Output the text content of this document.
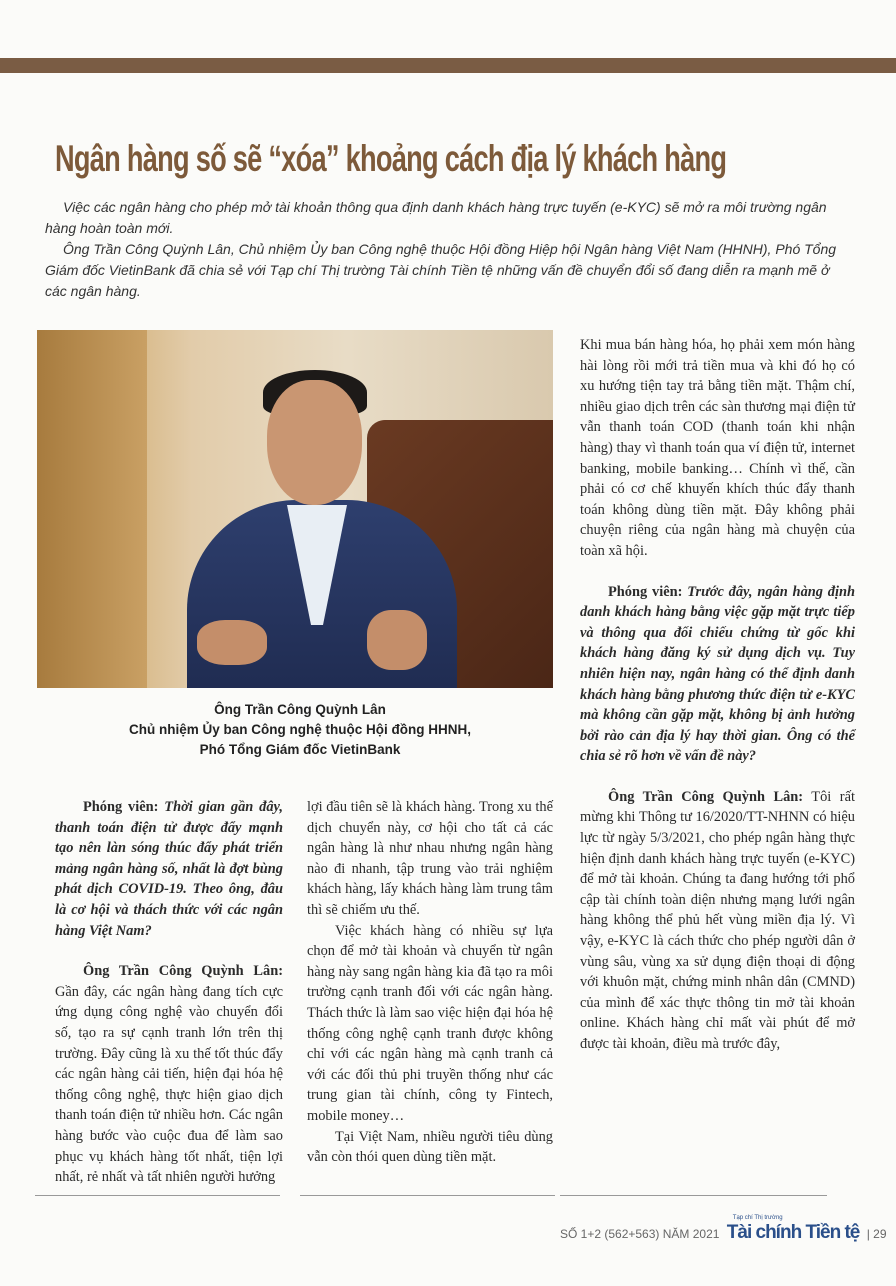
Ngân hàng số sẽ “xóa” khoảng cách địa lý khách hàng

Việc các ngân hàng cho phép mở tài khoản thông qua định danh khách hàng trực tuyến (e-KYC) sẽ mở ra môi trường ngân hàng hoàn toàn mới.

Ông Trần Công Quỳnh Lân, Chủ nhiệm Ủy ban Công nghệ thuộc Hội đồng Hiệp hội Ngân hàng Việt Nam (HHNH), Phó Tổng Giám đốc VietinBank đã chia sẻ với Tạp chí Thị trường Tài chính Tiền tệ những vấn đề chuyển đổi số đang diễn ra mạnh mẽ ở các ngân hàng.

Ông Trần Công Quỳnh Lân
Chủ nhiệm Ủy ban Công nghệ thuộc Hội đồng HHNH,
Phó Tổng Giám đốc VietinBank

Phóng viên: Thời gian gần đây, thanh toán điện tử được đẩy mạnh tạo nên làn sóng thúc đẩy phát triển mảng ngân hàng số, nhất là đợt bùng phát dịch COVID-19. Theo ông, đâu là cơ hội và thách thức với các ngân hàng Việt Nam?

Ông Trần Công Quỳnh Lân: Gần đây, các ngân hàng đang tích cực ứng dụng công nghệ vào chuyển đổi số, tạo ra sự cạnh tranh lớn trên thị trường. Đây cũng là xu thế tốt thúc đẩy các ngân hàng cải tiến, hiện đại hóa hệ thống công nghệ, thực hiện giao dịch thanh toán điện tử nhiều hơn. Các ngân hàng bước vào cuộc đua để làm sao phục vụ khách hàng tốt nhất, tiện lợi nhất, rẻ nhất và tất nhiên người hưởng

lợi đầu tiên sẽ là khách hàng. Trong xu thế dịch chuyển này, cơ hội cho tất cả các ngân hàng là như nhau nhưng ngân hàng nào đi nhanh, tập trung vào trải nghiệm khách hàng, lấy khách hàng làm trung tâm thì sẽ chiếm ưu thế.

Việc khách hàng có nhiều sự lựa chọn để mở tài khoản và chuyển từ ngân hàng này sang ngân hàng kia đã tạo ra môi trường cạnh tranh đối với các ngân hàng. Thách thức là làm sao việc hiện đại hóa hệ thống công nghệ cạnh tranh được không chỉ với các ngân hàng mà cạnh tranh cả với các đối thủ phi truyền thống như các trung gian tài chính, công ty Fintech, mobile money…

Tại Việt Nam, nhiều người tiêu dùng vẫn còn thói quen dùng tiền mặt.

Khi mua bán hàng hóa, họ phải xem món hàng hài lòng rồi mới trả tiền mua và khi đó họ có xu hướng tiện tay trả bằng tiền mặt. Thậm chí, nhiều giao dịch trên các sàn thương mại điện tử vẫn thanh toán COD (thanh toán khi nhận hàng) thay vì thanh toán qua ví điện tử, internet banking, mobile banking… Chính vì thế, cần phải có cơ chế khuyến khích thúc đẩy thanh toán không dùng tiền mặt. Đây không phải chuyện riêng của ngân hàng mà chuyện của toàn xã hội.

Phóng viên: Trước đây, ngân hàng định danh khách hàng bằng việc gặp mặt trực tiếp và thông qua đối chiếu chứng từ gốc khi khách hàng đăng ký sử dụng dịch vụ. Tuy nhiên hiện nay, ngân hàng có thể định danh khách hàng bằng phương thức điện tử e-KYC mà không cần gặp mặt, không bị ảnh hưởng bởi rào cản địa lý hay thời gian. Ông có thể chia sẻ rõ hơn về vấn đề này?

Ông Trần Công Quỳnh Lân: Tôi rất mừng khi Thông tư 16/2020/TT-NHNN có hiệu lực từ ngày 5/3/2021, cho phép ngân hàng thực hiện định danh khách hàng trực tuyến (e-KYC) để mở tài khoản. Chúng ta đang hướng tới phổ cập tài chính toàn diện nhưng mạng lưới ngân hàng không thể phủ hết vùng miền địa lý. Vì vậy, e-KYC là cách thức cho phép người dân ở vùng sâu, vùng xa sử dụng điện thoại di động với khuôn mặt, chứng minh nhân dân (CMND) của mình để xác thực thông tin mở tài khoản online. Khách hàng chỉ mất vài phút để mở được tài khoản, điều mà trước đây,

SỐ 1+2 (562+563) NĂM 2021
Tạp chí Thị trường
Tài chính Tiền tệ | 29
